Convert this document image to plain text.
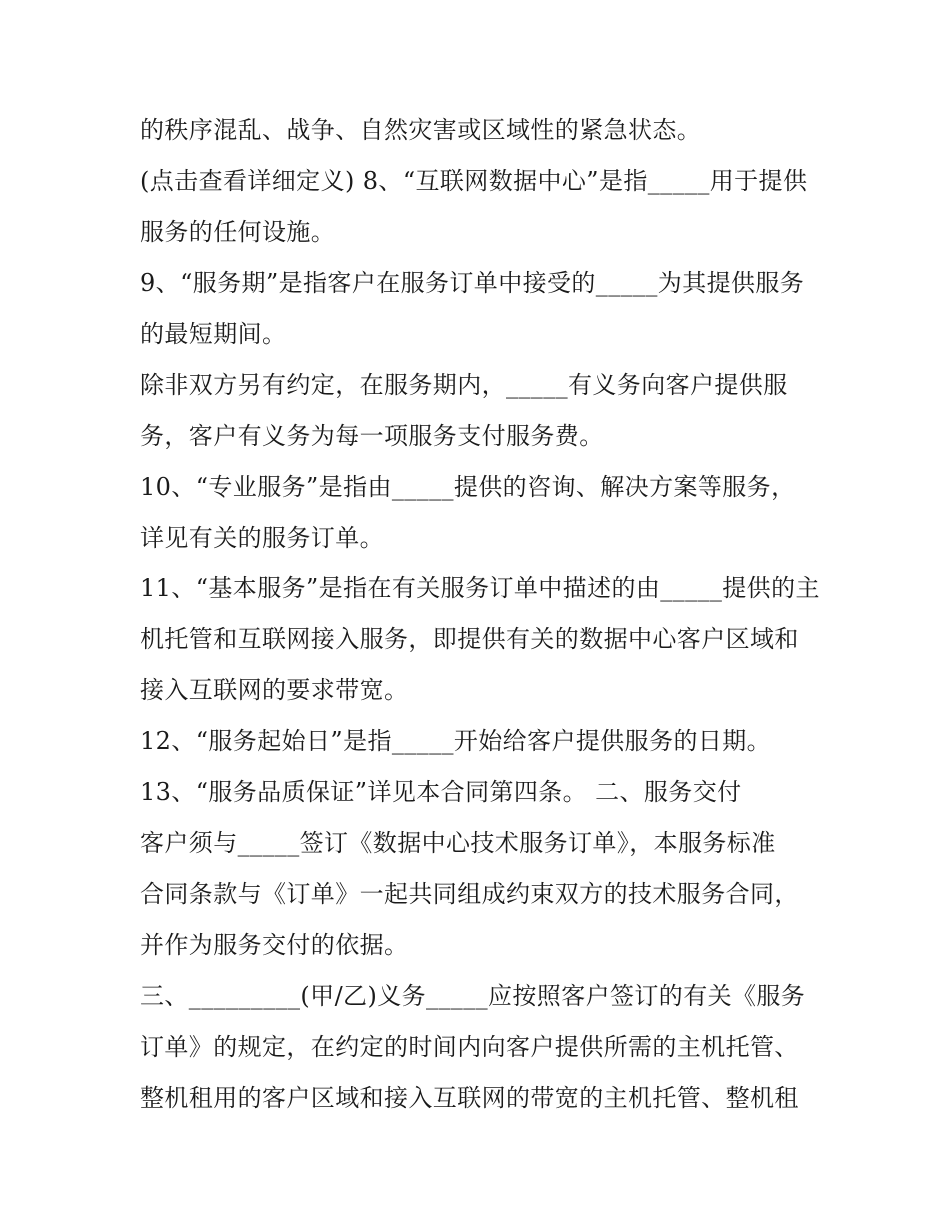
的秩序混乱、战争、自然灾害或区域性的紧急状态。
(点击查看详细定义) 8、“互联网数据中心”是指_____用于提供
服务的任何设施。
9、“服务期”是指客户在服务订单中接受的_____为其提供服务
的最短期间。
除非双方另有约定，在服务期内，_____有义务向客户提供服
务，客户有义务为每一项服务支付服务费。
10、“专业服务”是指由_____提供的咨询、解决方案等服务，
详见有关的服务订单。
11、“基本服务”是指在有关服务订单中描述的由_____提供的主
机托管和互联网接入服务，即提供有关的数据中心客户区域和
接入互联网的要求带宽。
12、“服务起始日”是指_____开始给客户提供服务的日期。
13、“服务品质保证”详见本合同第四条。 二、服务交付
客户须与_____签订《数据中心技术服务订单》，本服务标准
合同条款与《订单》一起共同组成约束双方的技术服务合同，
并作为服务交付的依据。
三、_________(甲/乙)义务_____应按照客户签订的有关《服务
订单》的规定，在约定的时间内向客户提供所需的主机托管、
整机租用的客户区域和接入互联网的带宽的主机托管、整机租
